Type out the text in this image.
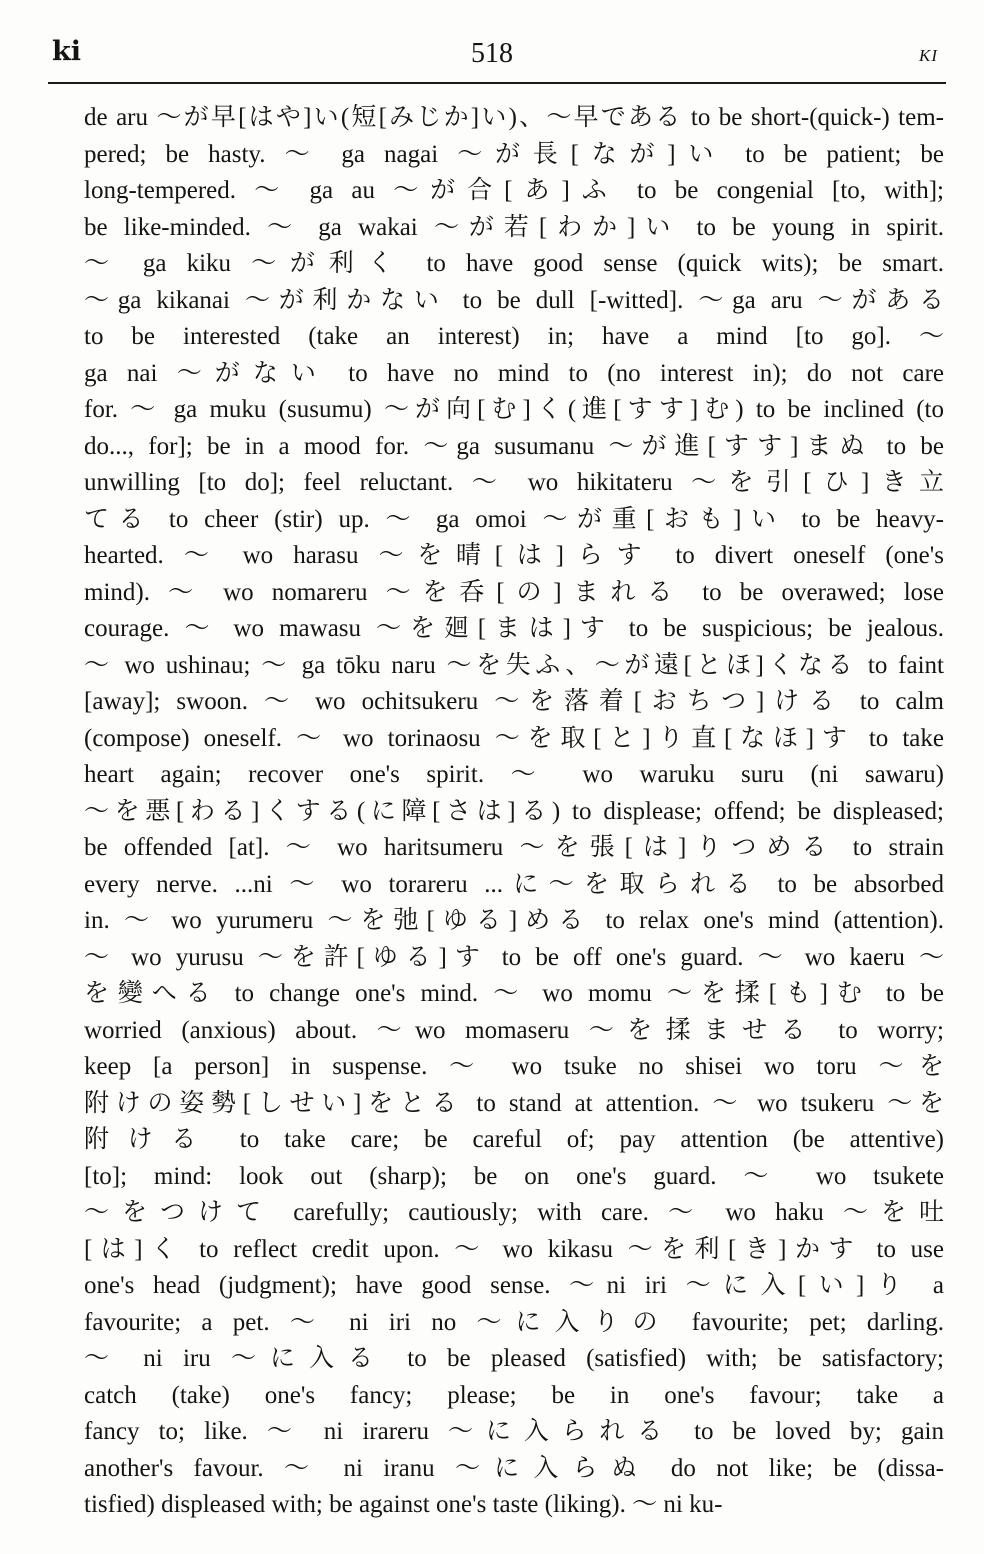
ki	518	KI
de aru ～が早[はや]い(短[みじか]い)、～早である to be short-(quick-) tem-
pered; be hasty. ～ ga nagai ～が長[なが]い to be patient; be
long-tempered. ～ ga au ～が合[あ]ふ to be congenial [to, with];
be like-minded. ～ ga wakai ～が若[わか]い to be young in spirit.
～ ga kiku ～が利く to have good sense (quick wits); be smart.
～ga kikanai ～が利かない to be dull [-witted]. ～ga aru ～がある
to be interested (take an interest) in; have a mind [to go]. ～
ga nai ～がない to have no mind to (no interest in); do not care
for. ～ ga muku (susumu) ～が向[む]く(進[すす]む) to be inclined (to
do..., for]; be in a mood for. ～ga susumanu ～が進[すす]まぬ to be
unwilling [to do]; feel reluctant. ～ wo hikitateru ～を引[ひ]き立
てる to cheer (stir) up. ～ ga omoi ～が重[おも]い to be heavy-
hearted. ～ wo harasu ～を晴[は]らす to divert oneself (one's
mind). ～ wo nomareru ～を呑[の]まれる to be overawed; lose
courage. ～ wo mawasu ～を廻[まは]す to be suspicious; be jealous.
～ wo ushinau; ～ ga tōku naru ～を失ふ、～が遠[とほ]くなる to faint
[away]; swoon. ～ wo ochitsukeru ～を落着[おちつ]ける to calm
(compose) oneself. ～ wo torinaosu ～を取[と]り直[なほ]す to take
heart again; recover one's spirit. ～ wo waruku suru (ni sawaru)
～を悪[わる]くする(に障[さは]る) to displease; offend; be displeased;
be offended [at]. ～ wo haritsumeru ～を張[は]りつめる to strain
every nerve. ...ni ～ wo torareru ...に～を取られる to be absorbed
in. ～ wo yurumeru ～を弛[ゆる]める to relax one's mind (attention).
～ wo yurusu ～を許[ゆる]す to be off one's guard. ～ wo kaeru ～
を變へる to change one's mind. ～ wo momu ～を揉[も]む to be
worried (anxious) about. ～wo momaseru ～を揉ませる to worry;
keep [a person] in suspense. ～ wo tsuke no shisei wo toru ～を
附けの姿勢[しせい]をとる to stand at attention. ～ wo tsukeru ～を
附ける to take care; be careful of; pay attention (be attentive)
[to]; mind: look out (sharp); be on one's guard. ～ wo tsukete
～をつけて carefully; cautiously; with care. ～ wo haku ～を吐
[は]く to reflect credit upon. ～ wo kikasu ～を利[き]かす to use
one's head (judgment); have good sense. ～ni iri ～に入[い]り a
favourite; a pet. ～ ni iri no ～に入りの favourite; pet; darling.
～ ni iru ～に入る to be pleased (satisfied) with; be satisfactory;
catch (take) one's fancy; please; be in one's favour; take a
fancy to; like. ～ ni irareru ～に入られる to be loved by; gain
another's favour. ～ ni iranu ～に入らぬ do not like; be (dissa-
tisfied) displeased with; be against one's taste (liking). ～ ni ku-
